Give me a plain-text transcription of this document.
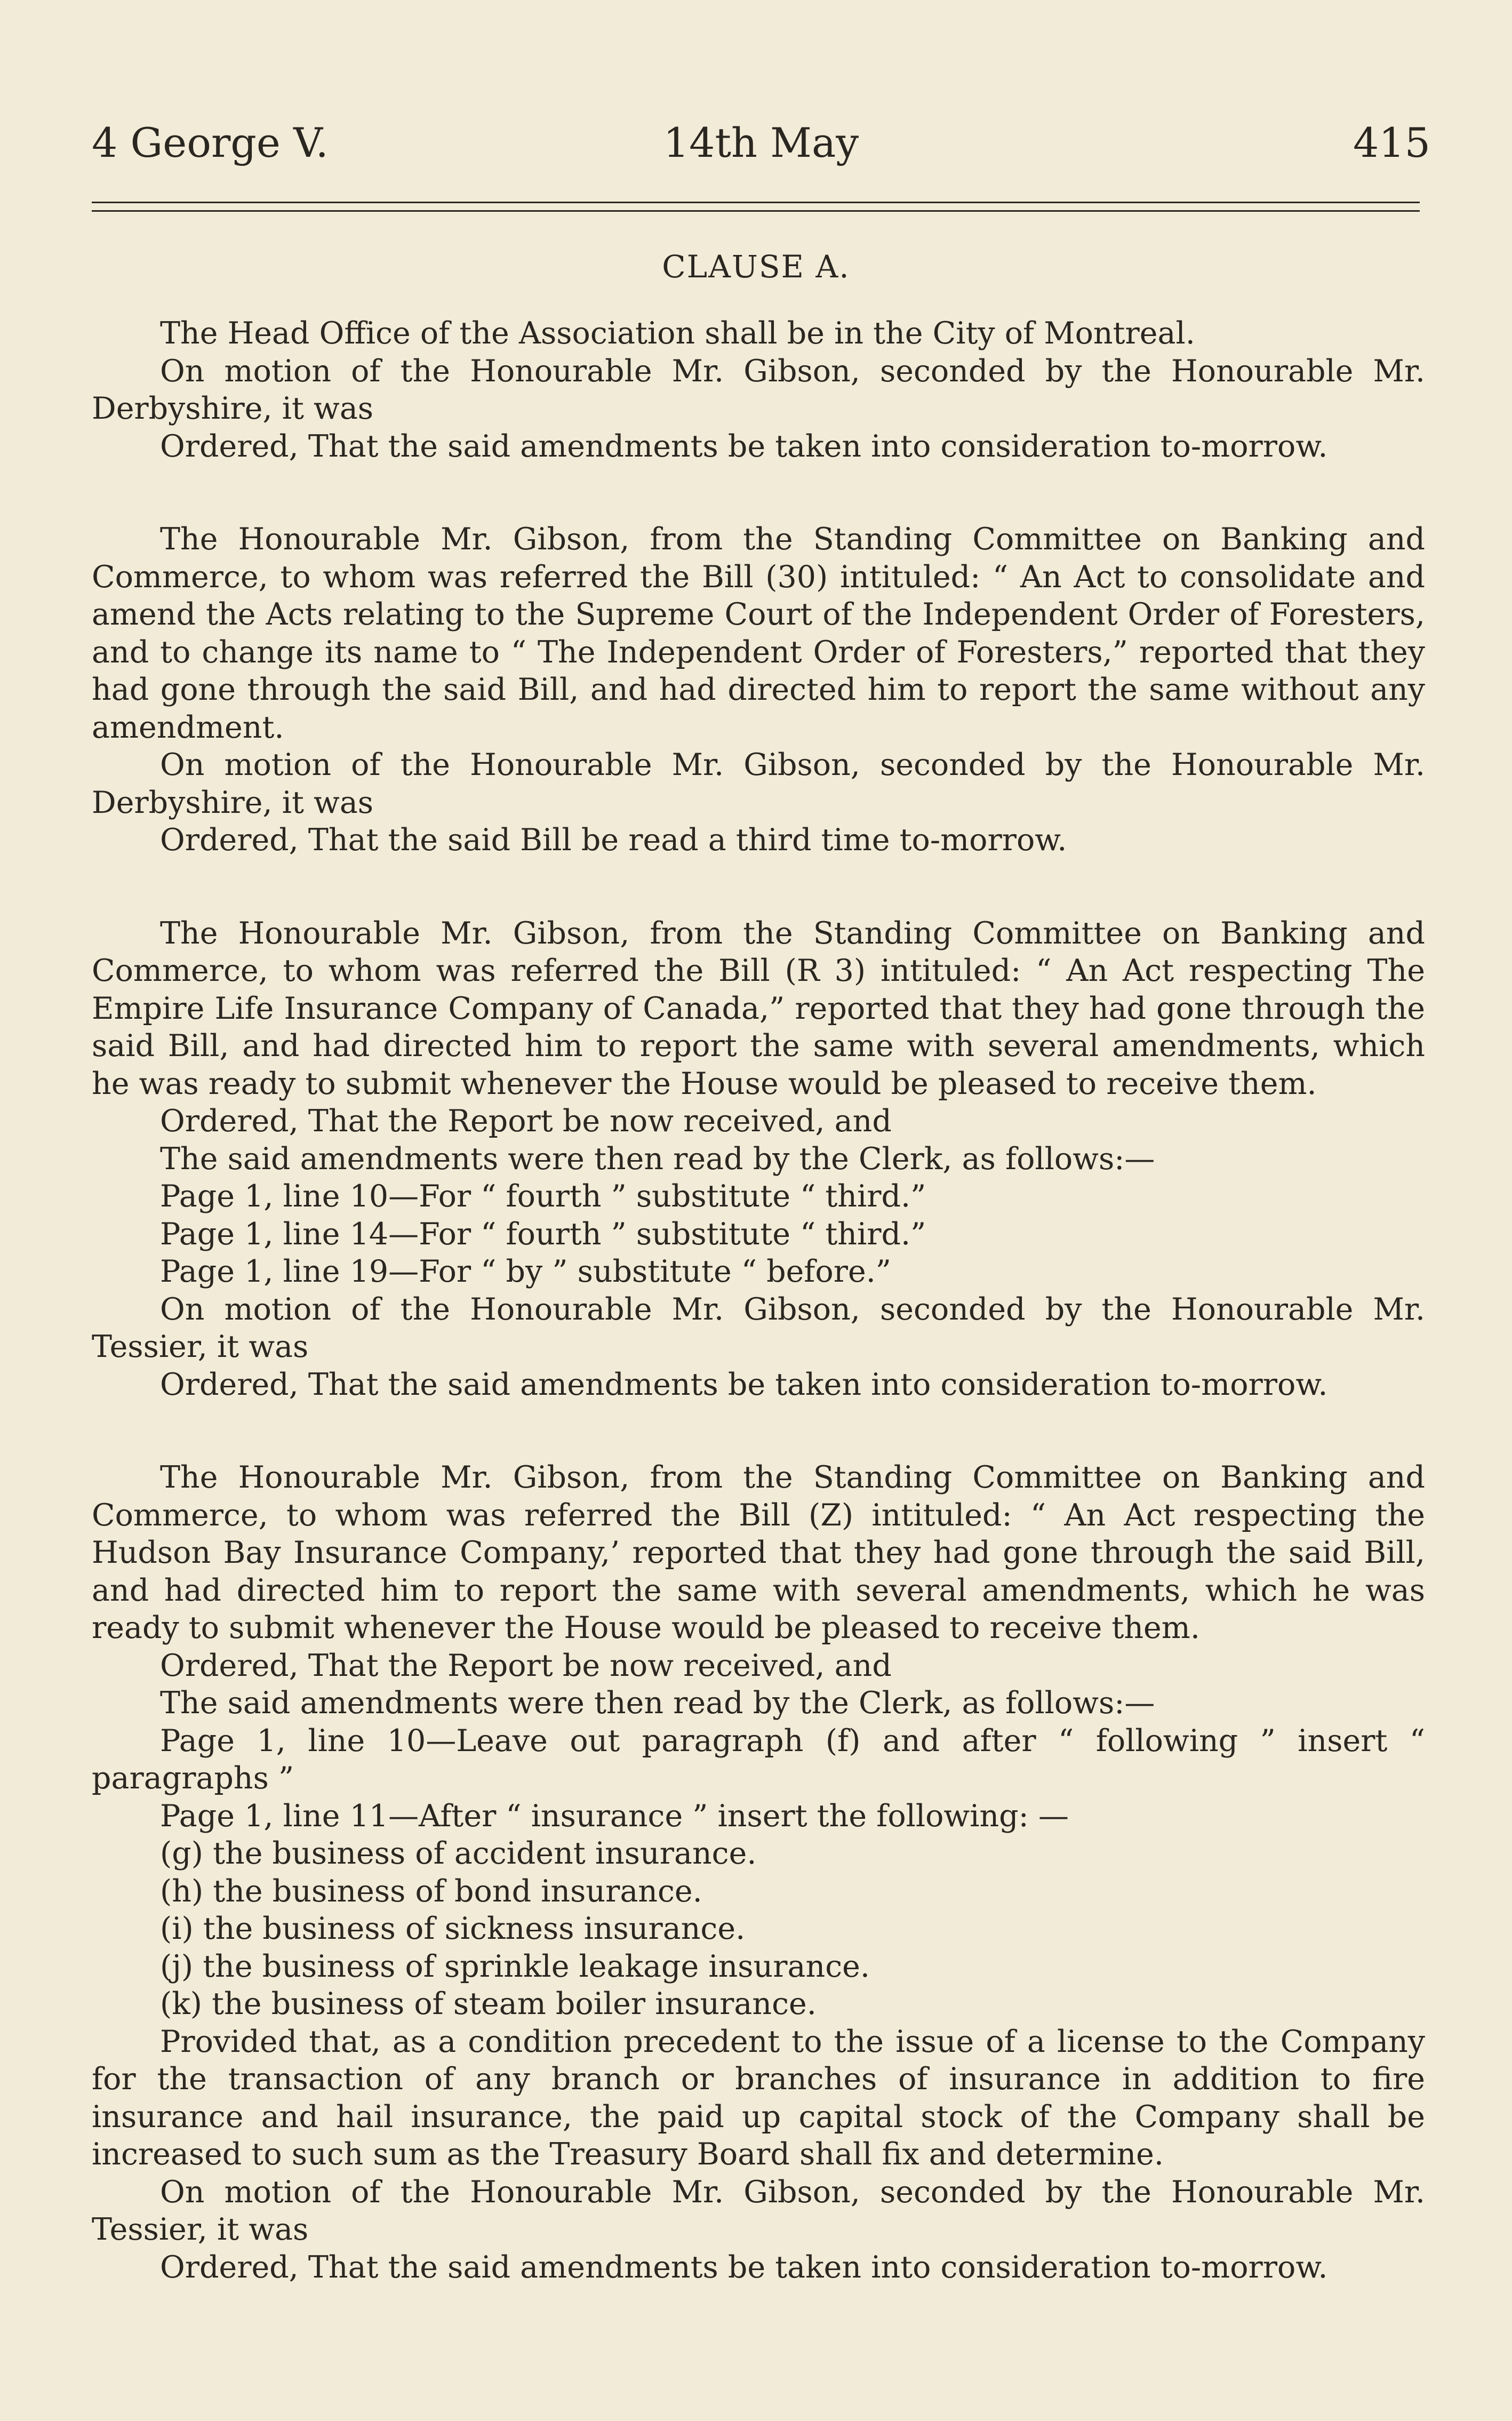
4 George V.	14th May	415
CLAUSE A.

The Head Office of the Association shall be in the City of Montreal.

On motion of the Honourable Mr. Gibson, seconded by the Honourable Mr. Derbyshire, it was

Ordered, That the said amendments be taken into consideration to-morrow.

The Honourable Mr. Gibson, from the Standing Committee on Banking and Commerce, to whom was referred the Bill (30) intituled: “ An Act to consolidate and amend the Acts relating to the Supreme Court of the Independent Order of Foresters, and to change its name to “ The Independent Order of Foresters,” reported that they had gone through the said Bill, and had directed him to report the same without any amendment.

On motion of the Honourable Mr. Gibson, seconded by the Honourable Mr. Derbyshire, it was

Ordered, That the said Bill be read a third time to-morrow.

The Honourable Mr. Gibson, from the Standing Committee on Banking and Commerce, to whom was referred the Bill (R 3) intituled: “ An Act respecting The Empire Life Insurance Company of Canada,” reported that they had gone through the said Bill, and had directed him to report the same with several amendments, which he was ready to submit whenever the House would be pleased to receive them.

Ordered, That the Report be now received, and

The said amendments were then read by the Clerk, as follows:—

Page 1, line 10—For “ fourth ” substitute “ third.”

Page 1, line 14—For “ fourth ” substitute “ third.”

Page 1, line 19—For “ by ” substitute “ before.”

On motion of the Honourable Mr. Gibson, seconded by the Honourable Mr. Tessier, it was

Ordered, That the said amendments be taken into consideration to-morrow.

The Honourable Mr. Gibson, from the Standing Committee on Banking and Commerce, to whom was referred the Bill (Z) intituled: “ An Act respecting the Hudson Bay Insurance Company,’ reported that they had gone through the said Bill, and had directed him to report the same with several amendments, which he was ready to submit whenever the House would be pleased to receive them.

Ordered, That the Report be now received, and

The said amendments were then read by the Clerk, as follows:—

Page 1, line 10—Leave out paragraph (f) and after “ following ” insert “ paragraphs ”

Page 1, line 11—After “ insurance ” insert the following: —

(g) the business of accident insurance.

(h) the business of bond insurance.

(i) the business of sickness insurance.

(j) the business of sprinkle leakage insurance.

(k) the business of steam boiler insurance.

Provided that, as a condition precedent to the issue of a license to the Company for the transaction of any branch or branches of insurance in addition to fire insurance and hail insurance, the paid up capital stock of the Company shall be increased to such sum as the Treasury Board shall fix and determine.

On motion of the Honourable Mr. Gibson, seconded by the Honourable Mr. Tessier, it was

Ordered, That the said amendments be taken into consideration to-morrow.
